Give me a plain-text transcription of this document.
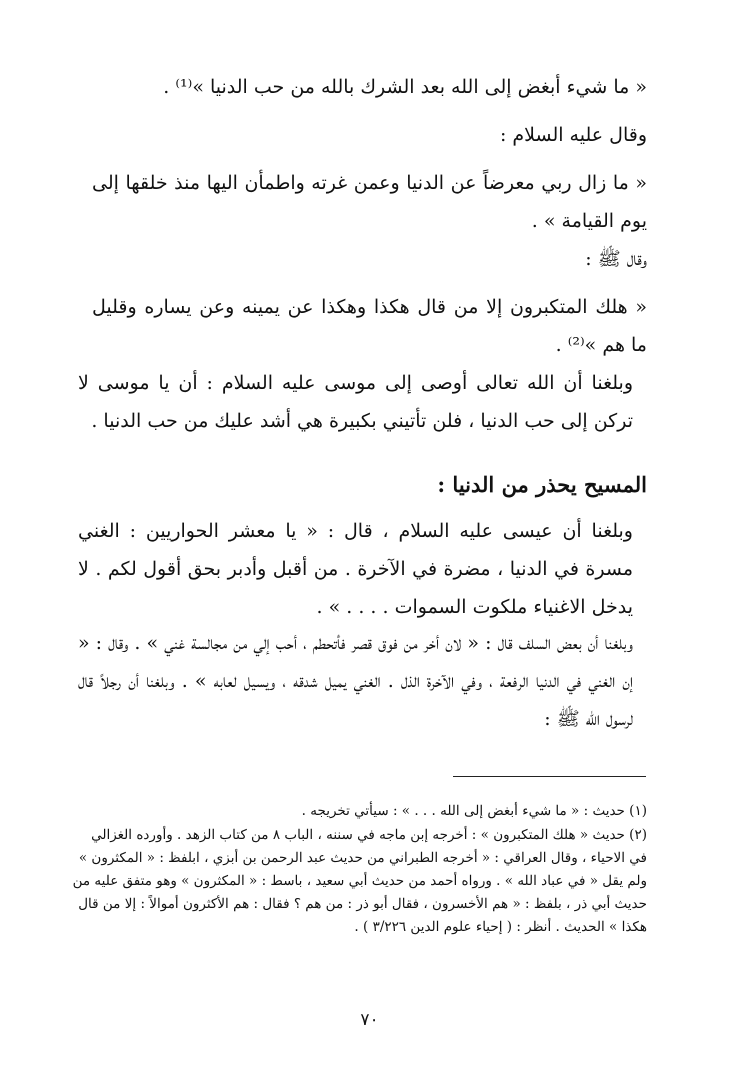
« ما شيء أبغض إلى الله بعد الشرك بالله من حب الدنيا »⁽¹⁾ .
وقال عليه السلام :
« ما زال ربي معرضاً عن الدنيا وعمن غرته واطمأن اليها منذ خلقها إلى يوم القيامة » .
وقال ﷺ :
« هلك المتكبرون إلا من قال هكذا وهكذا عن يمينه وعن يساره وقليل ما هم »⁽²⁾ .
وبلغنا أن الله تعالى أوصى إلى موسى عليه السلام : أن يا موسى لا تركن إلى حب الدنيا ، فلن تأتيني بكبيرة هي أشد عليك من حب الدنيا .
المسيح يحذر من الدنيا :
وبلغنا أن عيسى عليه السلام ، قال : « يا معشر الحواريين : الغني مسرة في الدنيا ، مضرة في الآخرة . من أقبل وأدبر بحق أقول لكم . لا يدخل الاغنياء ملكوت السموات . . . . » .
وبلغنا أن بعض السلف قال : « لان أخر من فوق قصر فأتحطم ، أحب إلي من مجالسة غني » . وقال : « إن الغني في الدنيا الرفعة ، وفي الآخرة الذل . الغني يميل شدقه ، ويسيل لعابه » . وبلغنا أن رجلاً قال لرسول الله ﷺ :
(١) حديث : « ما شيء أبغض إلى الله . . . » : سيأتي تخريجه .
(٢) حديث « هلك المتكبرون » : أخرجه إبن ماجه في سننه ، الباب ٨ من كتاب الزهد . وأورده الغزالي في الاحياء ، وقال العراقي : « أخرجه الطبراني من حديث عبد الرحمن بن أبزي ، ابلفظ : « المكثرون » ولم يقل « في عباد الله » . ورواه أحمد من حديث أبي سعيد ، باسط : « المكثرون » وهو متفق عليه من حديث أبي ذر ، بلفظ : « هم الأخسرون ، فقال أبو ذر : من هم ؟ فقال : هم الأكثرون أموالاً : إلا من قال هكذا » الحديث . أنظر : ( إحياء علوم الدين ٣/٢٢٦ ) .
٧٠
